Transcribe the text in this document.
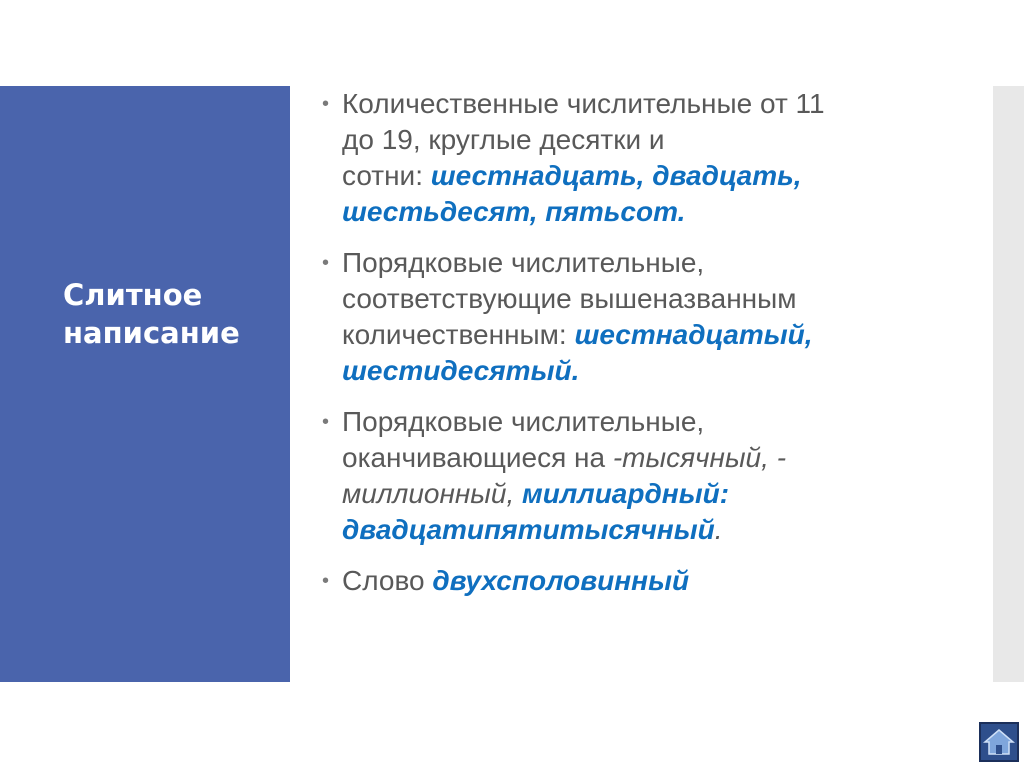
Слитное написание
• Количественные числительные от 11
до 19, круглые десятки и
сотни: шестнадцать, двадцать,
шестьдесят, пятьсот.
• Порядковые числительные,
соответствующие вышеназванным
количественным: шестнадцатый,
шестидесятый.
• Порядковые числительные,
оканчивающиеся на -тысячный, -
миллионный, миллиардный:
двадцатипятитысячный.
• Слово двухсполовинный
